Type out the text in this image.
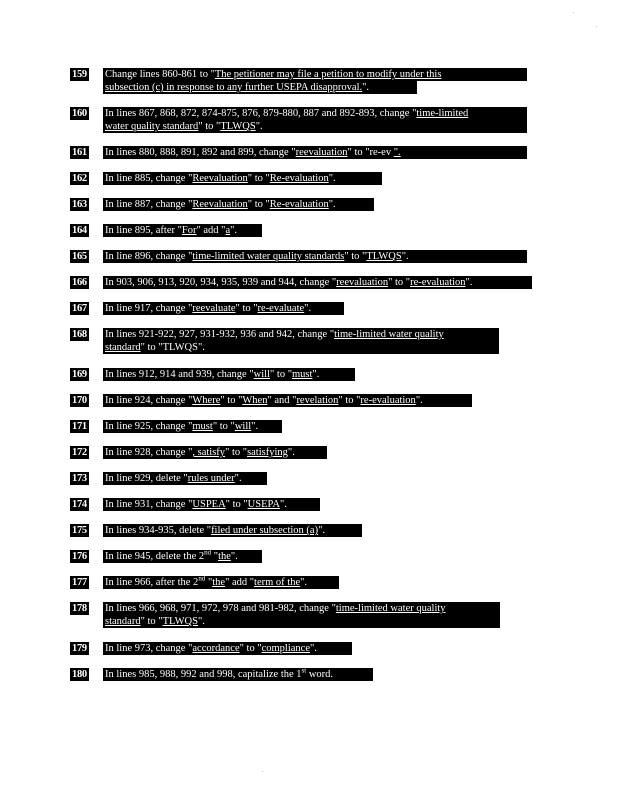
159 Change lines 860-861 to "The petitioner may file a petition to modify under this
subsection (c) in response to any further USEPA disapproval.".
160 In lines 867, 868, 872, 874-875, 876, 879-880, 887 and 892-893, change "time-limited
water quality standard" to "TLWQS".
161 In lines 880, 888, 891, 892 and 899, change "reevaluation" to "re-ev ".
162 In line 885, change "Reevaluation" to "Re-evaluation".
163 In line 887, change "Reevaluation" to "Re-evaluation".
164 In line 895, after "For" add "a".
165 In line 896, change "time-limited water quality standards" to "TLWQS".
166 In 903, 906, 913, 920, 934, 935, 939 and 944, change "reevaluation" to "re-evaluation".
167 In line 917, change "reevaluate" to "re-evaluate".
168 In lines 921-922, 927, 931-932, 936 and 942, change "time-limited water quality
standard" to "TLWQS".
169 In lines 912, 914 and 939, change "will" to "must".
170 In line 924, change "Where" to "When" and "revelation" to "re-evaluation".
171 In line 925, change "must" to "will".
172 In line 928, change ", satisfy" to "satisfying".
173 In line 929, delete "rules under".
174 In line 931, change "USPEA" to "USEPA".
175 In lines 934-935, delete "filed under subsection (a)".
176 In line 945, delete the 2nd "the".
177 In line 966, after the 2nd "the" add "term of the".
178 In lines 966, 968, 971, 972, 978 and 981-982, change "time-limited water quality
standard" to "TLWQS".
179 In line 973, change "accordance" to "compliance".
180 In lines 985, 988, 992 and 998, capitalize the 1st word.
